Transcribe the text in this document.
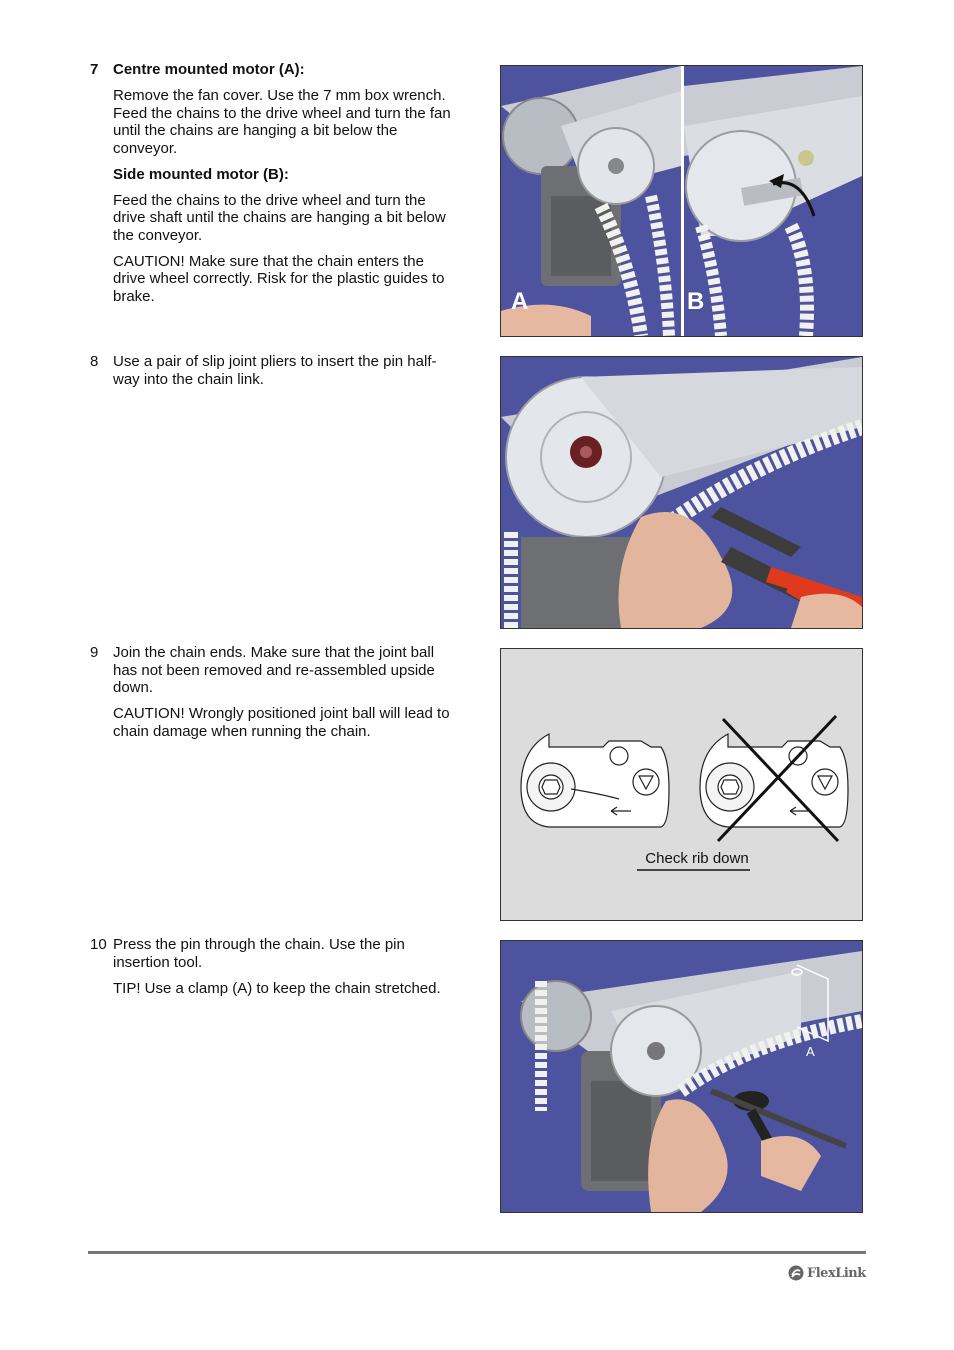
7 Centre mounted motor (A):

Remove the fan cover. Use the 7 mm box wrench. Feed the chains to the drive wheel and turn the fan until the chains are hanging a bit below the conveyor.

Side mounted motor (B):

Feed the chains to the drive wheel and turn the drive shaft until the chains are hanging a bit below the conveyor.

CAUTION! Make sure that the chain enters the drive wheel correctly. Risk for the plastic guides to brake.

8 Use a pair of slip joint pliers to insert the pin half-way into the chain link.

9 Join the chain ends. Make sure that the joint ball has not been removed and re-assembled upside down.

CAUTION! Wrongly positioned joint ball will lead to chain damage when running the chain.

10 Press the pin through the chain. Use the pin insertion tool.

TIP! Use a clamp (A) to keep the chain stretched.

A	B
Check rib down
A
FlexLink
